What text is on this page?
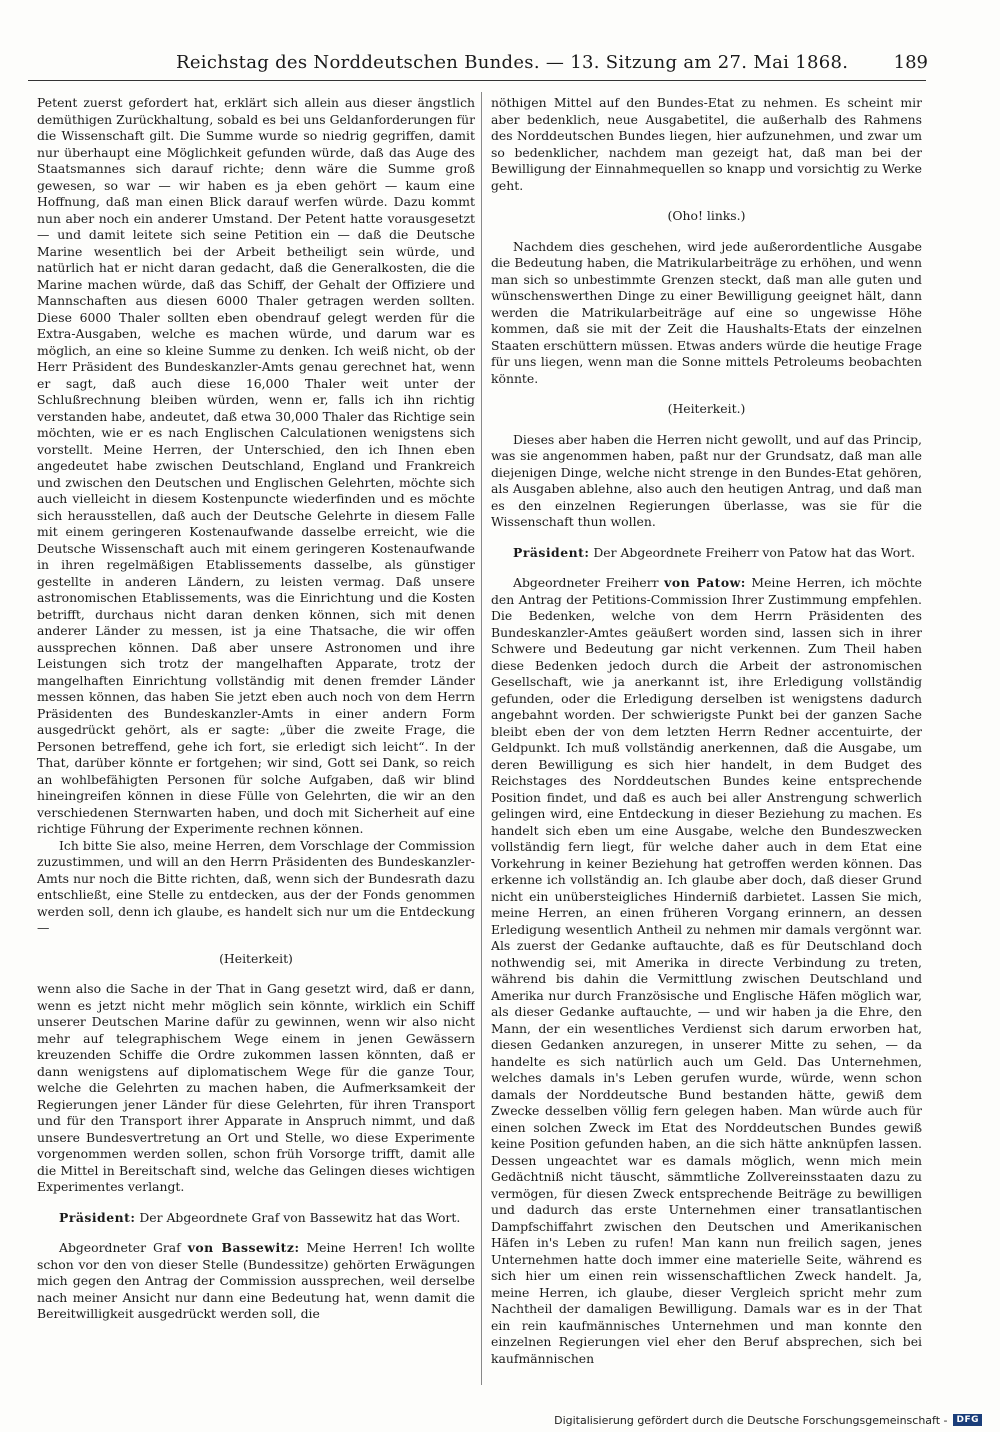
Reichstag des Norddeutschen Bundes. — 13. Sitzung am 27. Mai 1868.	189

Petent zuerst gefordert hat, erklärt sich allein aus dieser ängstlich demüthigen Zurückhaltung, sobald es bei uns Geldanforderungen für die Wissenschaft gilt. Die Summe wurde so niedrig gegriffen, damit nur überhaupt eine Möglichkeit gefunden würde, daß das Auge des Staatsmannes sich darauf richte; denn wäre die Summe groß gewesen, so war — wir haben es ja eben gehört — kaum eine Hoffnung, daß man einen Blick darauf werfen würde. Dazu kommt nun aber noch ein anderer Umstand. Der Petent hatte vorausgesetzt — und damit leitete sich seine Petition ein — daß die Deutsche Marine wesentlich bei der Arbeit betheiligt sein würde, und natürlich hat er nicht daran gedacht, daß die Generalkosten, die die Marine machen würde, daß das Schiff, der Gehalt der Offiziere und Mannschaften aus diesen 6000 Thaler getragen werden sollten. Diese 6000 Thaler sollten eben obendrauf gelegt werden für die Extra-Ausgaben, welche es machen würde, und darum war es möglich, an eine so kleine Summe zu denken. Ich weiß nicht, ob der Herr Präsident des Bundeskanzler-Amts genau gerechnet hat, wenn er sagt, daß auch diese 16,000 Thaler weit unter der Schlußrechnung bleiben würden, wenn er, falls ich ihn richtig verstanden habe, andeutet, daß etwa 30,000 Thaler das Richtige sein möchten, wie er es nach Englischen Calculationen wenigstens sich vorstellt. Meine Herren, der Unterschied, den ich Ihnen eben angedeutet habe zwischen Deutschland, England und Frankreich und zwischen den Deutschen und Englischen Gelehrten, möchte sich auch vielleicht in diesem Kostenpuncte wiederfinden und es möchte sich herausstellen, daß auch der Deutsche Gelehrte in diesem Falle mit einem geringeren Kostenaufwande dasselbe erreicht, wie die Deutsche Wissenschaft auch mit einem geringeren Kostenaufwande in ihren regelmäßigen Etablissements dasselbe, als günstiger gestellte in anderen Ländern, zu leisten vermag. Daß unsere astronomischen Etablissements, was die Einrichtung und die Kosten betrifft, durchaus nicht daran denken können, sich mit denen anderer Länder zu messen, ist ja eine Thatsache, die wir offen aussprechen können. Daß aber unsere Astronomen und ihre Leistungen sich trotz der mangelhaften Apparate, trotz der mangelhaften Einrichtung vollständig mit denen fremder Länder messen können, das haben Sie jetzt eben auch noch von dem Herrn Präsidenten des Bundeskanzler-Amts in einer andern Form ausgedrückt gehört, als er sagte: „über die zweite Frage, die Personen betreffend, gehe ich fort, sie erledigt sich leicht“. In der That, darüber könnte er fortgehen; wir sind, Gott sei Dank, so reich an wohlbefähigten Personen für solche Aufgaben, daß wir blind hineingreifen können in diese Fülle von Gelehrten, die wir an den verschiedenen Sternwarten haben, und doch mit Sicherheit auf eine richtige Führung der Experimente rechnen können.

Ich bitte Sie also, meine Herren, dem Vorschlage der Commission zuzustimmen, und will an den Herrn Präsidenten des Bundeskanzler-Amts nur noch die Bitte richten, daß, wenn sich der Bundesrath dazu entschließt, eine Stelle zu entdecken, aus der der Fonds genommen werden soll, denn ich glaube, es handelt sich nur um die Entdeckung —

(Heiterkeit)

wenn also die Sache in der That in Gang gesetzt wird, daß er dann, wenn es jetzt nicht mehr möglich sein könnte, wirklich ein Schiff unserer Deutschen Marine dafür zu gewinnen, wenn wir also nicht mehr auf telegraphischem Wege einem in jenen Gewässern kreuzenden Schiffe die Ordre zukommen lassen könnten, daß er dann wenigstens auf diplomatischem Wege für die ganze Tour, welche die Gelehrten zu machen haben, die Aufmerksamkeit der Regierungen jener Länder für diese Gelehrten, für ihren Transport und für den Transport ihrer Apparate in Anspruch nimmt, und daß unsere Bundesvertretung an Ort und Stelle, wo diese Experimente vorgenommen werden sollen, schon früh Vorsorge trifft, damit alle die Mittel in Bereitschaft sind, welche das Gelingen dieses wichtigen Experimentes verlangt.

Präsident: Der Abgeordnete Graf von Bassewitz hat das Wort.

Abgeordneter Graf von Bassewitz: Meine Herren! Ich wollte schon vor den von dieser Stelle (Bundessitze) gehörten Erwägungen mich gegen den Antrag der Commission aussprechen, weil derselbe nach meiner Ansicht nur dann eine Bedeutung hat, wenn damit die Bereitwilligkeit ausgedrückt werden soll, die

nöthigen Mittel auf den Bundes-Etat zu nehmen. Es scheint mir aber bedenklich, neue Ausgabetitel, die außerhalb des Rahmens des Norddeutschen Bundes liegen, hier aufzunehmen, und zwar um so bedenklicher, nachdem man gezeigt hat, daß man bei der Bewilligung der Einnahmequellen so knapp und vorsichtig zu Werke geht.

(Oho! links.)

Nachdem dies geschehen, wird jede außerordentliche Ausgabe die Bedeutung haben, die Matrikularbeiträge zu erhöhen, und wenn man sich so unbestimmte Grenzen steckt, daß man alle guten und wünschenswerthen Dinge zu einer Bewilligung geeignet hält, dann werden die Matrikularbeiträge auf eine so ungewisse Höhe kommen, daß sie mit der Zeit die Haushalts-Etats der einzelnen Staaten erschüttern müssen. Etwas anders würde die heutige Frage für uns liegen, wenn man die Sonne mittels Petroleums beobachten könnte.

(Heiterkeit.)

Dieses aber haben die Herren nicht gewollt, und auf das Princip, was sie angenommen haben, paßt nur der Grundsatz, daß man alle diejenigen Dinge, welche nicht strenge in den Bundes-Etat gehören, als Ausgaben ablehne, also auch den heutigen Antrag, und daß man es den einzelnen Regierungen überlasse, was sie für die Wissenschaft thun wollen.

Präsident: Der Abgeordnete Freiherr von Patow hat das Wort.

Abgeordneter Freiherr von Patow: Meine Herren, ich möchte den Antrag der Petitions-Commission Ihrer Zustimmung empfehlen. Die Bedenken, welche von dem Herrn Präsidenten des Bundeskanzler-Amtes geäußert worden sind, lassen sich in ihrer Schwere und Bedeutung gar nicht verkennen. Zum Theil haben diese Bedenken jedoch durch die Arbeit der astronomischen Gesellschaft, wie ja anerkannt ist, ihre Erledigung vollständig gefunden, oder die Erledigung derselben ist wenigstens dadurch angebahnt worden. Der schwierigste Punkt bei der ganzen Sache bleibt eben der von dem letzten Herrn Redner accentuirte, der Geldpunkt. Ich muß vollständig anerkennen, daß die Ausgabe, um deren Bewilligung es sich hier handelt, in dem Budget des Reichstages des Norddeutschen Bundes keine entsprechende Position findet, und daß es auch bei aller Anstrengung schwerlich gelingen wird, eine Entdeckung in dieser Beziehung zu machen. Es handelt sich eben um eine Ausgabe, welche den Bundeszwecken vollständig fern liegt, für welche daher auch in dem Etat eine Vorkehrung in keiner Beziehung hat getroffen werden können. Das erkenne ich vollständig an. Ich glaube aber doch, daß dieser Grund nicht ein unübersteigliches Hinderniß darbietet. Lassen Sie mich, meine Herren, an einen früheren Vorgang erinnern, an dessen Erledigung wesentlich Antheil zu nehmen mir damals vergönnt war. Als zuerst der Gedanke auftauchte, daß es für Deutschland doch nothwendig sei, mit Amerika in directe Verbindung zu treten, während bis dahin die Vermittlung zwischen Deutschland und Amerika nur durch Französische und Englische Häfen möglich war, als dieser Gedanke auftauchte, — und wir haben ja die Ehre, den Mann, der ein wesentliches Verdienst sich darum erworben hat, diesen Gedanken anzuregen, in unserer Mitte zu sehen, — da handelte es sich natürlich auch um Geld. Das Unternehmen, welches damals in's Leben gerufen wurde, würde, wenn schon damals der Norddeutsche Bund bestanden hätte, gewiß dem Zwecke desselben völlig fern gelegen haben. Man würde auch für einen solchen Zweck im Etat des Norddeutschen Bundes gewiß keine Position gefunden haben, an die sich hätte anknüpfen lassen. Dessen ungeachtet war es damals möglich, wenn mich mein Gedächtniß nicht täuscht, sämmtliche Zollvereinsstaaten dazu zu vermögen, für diesen Zweck entsprechende Beiträge zu bewilligen und dadurch das erste Unternehmen einer transatlantischen Dampfschiffahrt zwischen den Deutschen und Amerikanischen Häfen in's Leben zu rufen! Man kann nun freilich sagen, jenes Unternehmen hatte doch immer eine materielle Seite, während es sich hier um einen rein wissenschaftlichen Zweck handelt. Ja, meine Herren, ich glaube, dieser Vergleich spricht mehr zum Nachtheil der damaligen Bewilligung. Damals war es in der That ein rein kaufmännisches Unternehmen und man konnte den einzelnen Regierungen viel eher den Beruf absprechen, sich bei kaufmännischen

Digitalisierung gefördert durch die Deutsche Forschungsgemeinschaft -	DFG
